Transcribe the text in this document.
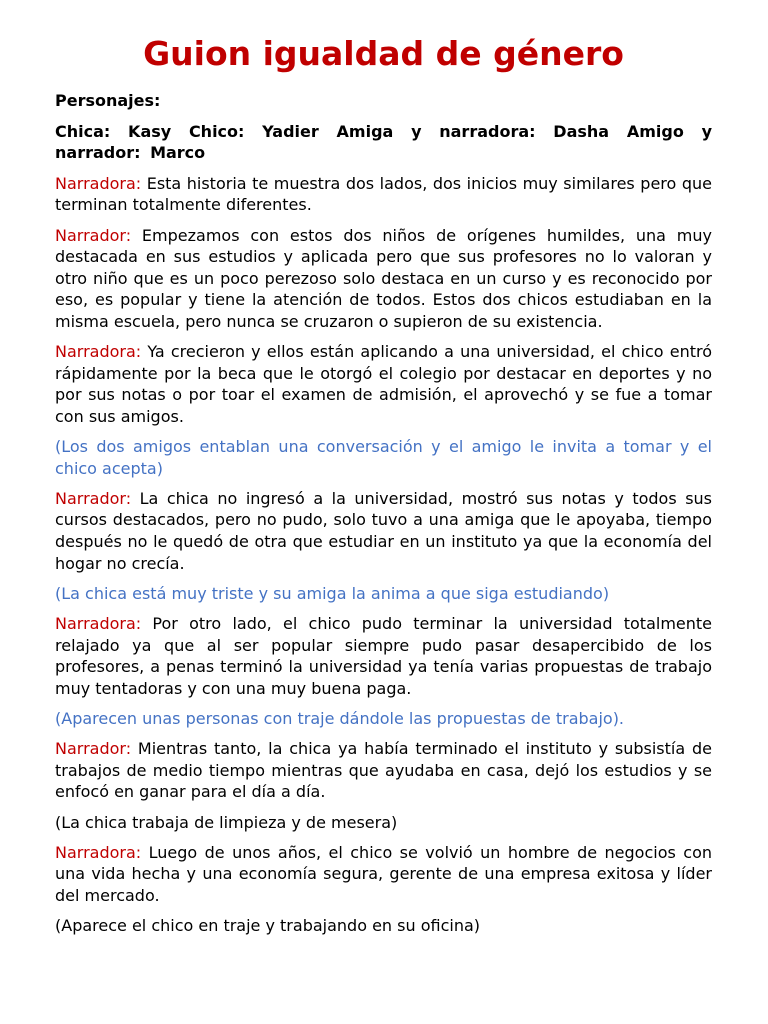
Guion igualdad de género
Personajes:
Chica: Kasy Chico: Yadier Amiga y narradora: Dasha Amigo y narrador: Marco

Narradora: Esta historia te muestra dos lados, dos inicios muy similares pero que terminan totalmente diferentes.

Narrador: Empezamos con estos dos niños de orígenes humildes, una muy destacada en sus estudios y aplicada pero que sus profesores no lo valoran y otro niño que es un poco perezoso solo destaca en un curso y es reconocido por eso, es popular y tiene la atención de todos. Estos dos chicos estudiaban en la misma escuela, pero nunca se cruzaron o supieron de su existencia.

Narradora: Ya crecieron y ellos están aplicando a una universidad, el chico entró rápidamente por la beca que le otorgó el colegio por destacar en deportes y no por sus notas o por toar el examen de admisión, el aprovechó y se fue a tomar con sus amigos.

(Los dos amigos entablan una conversación y el amigo le invita a tomar y el chico acepta)

Narrador: La chica no ingresó a la universidad, mostró sus notas y todos sus cursos destacados, pero no pudo, solo tuvo a una amiga que le apoyaba, tiempo después no le quedó de otra que estudiar en un instituto ya que la economía del hogar no crecía.

(La chica está muy triste y su amiga la anima a que siga estudiando)

Narradora: Por otro lado, el chico pudo terminar la universidad totalmente relajado ya que al ser popular siempre pudo pasar desapercibido de los profesores, a penas terminó la universidad ya tenía varias propuestas de trabajo muy tentadoras y con una muy buena paga.

(Aparecen unas personas con traje dándole las propuestas de trabajo).

Narrador: Mientras tanto, la chica ya había terminado el instituto y subsistía de trabajos de medio tiempo mientras que ayudaba en casa, dejó los estudios y se enfocó en ganar para el día a día.

(La chica trabaja de limpieza y de mesera)

Narradora: Luego de unos años, el chico se volvió un hombre de negocios con una vida hecha y una economía segura, gerente de una empresa exitosa y líder del mercado.

(Aparece el chico en traje y trabajando en su oficina)
